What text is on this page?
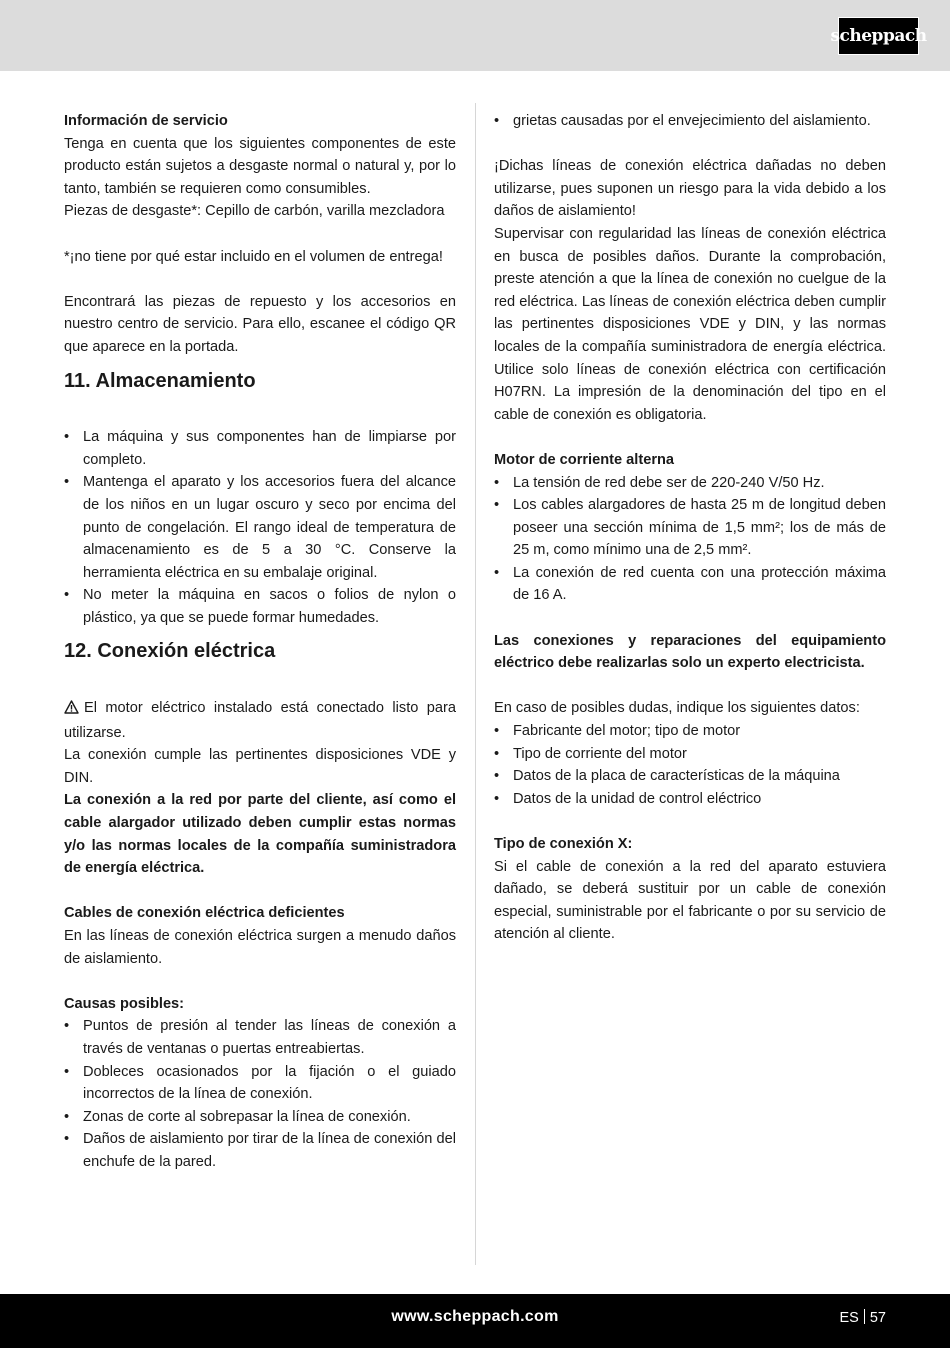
scheppach

Información de servicio

Tenga en cuenta que los siguientes componentes de este producto están sujetos a desgaste normal o natural y, por lo tanto, también se requieren como consumibles.

Piezas de desgaste*: Cepillo de carbón, varilla mezcladora

*¡no tiene por qué estar incluido en el volumen de entrega!

Encontrará las piezas de repuesto y los accesorios en nuestro centro de servicio. Para ello, escanee el código QR que aparece en la portada.

11. Almacenamiento
• La máquina y sus componentes han de limpiarse por completo.
• Mantenga el aparato y los accesorios fuera del alcance de los niños en un lugar oscuro y seco por encima del punto de congelación. El rango ideal de temperatura de almacenamiento es de 5 a 30 °C. Conserve la herramienta eléctrica en su embalaje original.
• No meter la máquina en sacos o folios de nylon o plástico, ya que se puede formar humedades.
12. Conexión eléctrica

El motor eléctrico instalado está conectado listo para utilizarse.

La conexión cumple las pertinentes disposiciones VDE y DIN.

La conexión a la red por parte del cliente, así como el cable alargador utilizado deben cumplir estas normas y/o las normas locales de la compañía suministradora de energía eléctrica.

Cables de conexión eléctrica deficientes

En las líneas de conexión eléctrica surgen a menudo daños de aislamiento.

Causas posibles:

• Puntos de presión al tender las líneas de conexión a través de ventanas o puertas entreabiertas.
• Dobleces ocasionados por la fijación o el guiado incorrectos de la línea de conexión.
• Zonas de corte al sobrepasar la línea de conexión.
• Daños de aislamiento por tirar de la línea de conexión del enchufe de la pared.
• grietas causadas por el envejecimiento del aislamiento.

¡Dichas líneas de conexión eléctrica dañadas no deben utilizarse, pues suponen un riesgo para la vida debido a los daños de aislamiento!

Supervisar con regularidad las líneas de conexión eléctrica en busca de posibles daños. Durante la comprobación, preste atención a que la línea de conexión no cuelgue de la red eléctrica. Las líneas de conexión eléctrica deben cumplir las pertinentes disposiciones VDE y DIN, y las normas locales de la compañía suministradora de energía eléctrica. Utilice solo líneas de conexión eléctrica con certificación H07RN. La impresión de la denominación del tipo en el cable de conexión es obligatoria.

Motor de corriente alterna

• La tensión de red debe ser de 220-240 V/50 Hz.
• Los cables alargadores de hasta 25 m de longitud deben poseer una sección mínima de 1,5 mm²; los de más de 25 m, como mínimo una de 2,5 mm².
• La conexión de red cuenta con una protección máxima de 16 A.

Las conexiones y reparaciones del equipamiento eléctrico debe realizarlas solo un experto electricista.

En caso de posibles dudas, indique los siguientes datos:

• Fabricante del motor; tipo de motor
• Tipo de corriente del motor
• Datos de la placa de características de la máquina
• Datos de la unidad de control eléctrico

Tipo de conexión X:

Si el cable de conexión a la red del aparato estuviera dañado, se deberá sustituir por un cable de conexión especial, suministrable por el fabricante o por su servicio de atención al cliente.

www.scheppach.com	ES 57
